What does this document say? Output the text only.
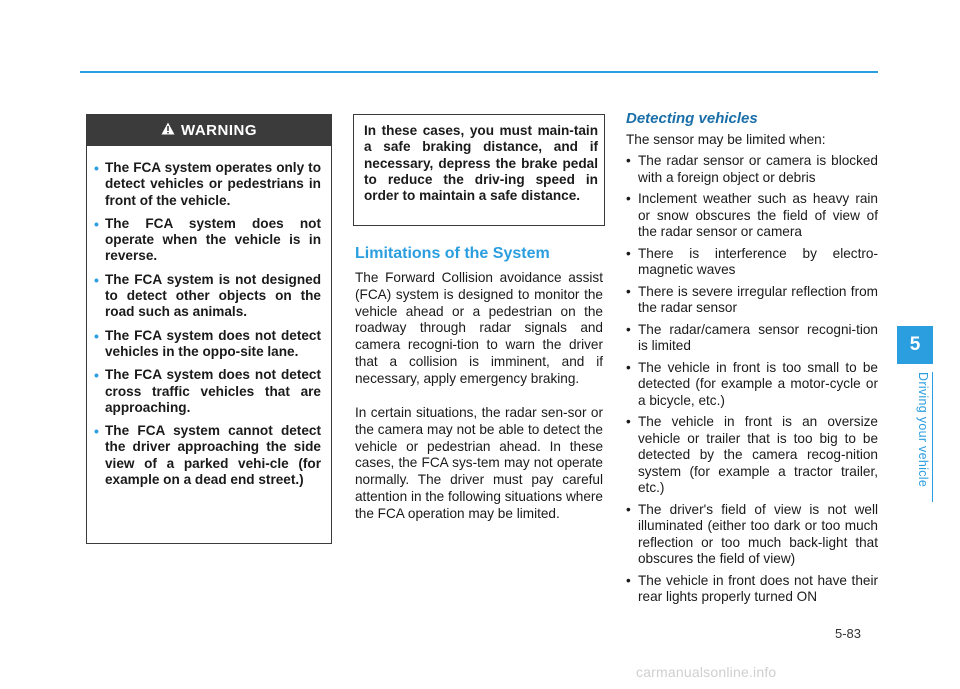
WARNING
• The FCA system operates only to detect vehicles or pedestrians in front of the vehicle.
• The FCA system does not operate when the vehicle is in reverse.
• The FCA system is not designed to detect other objects on the road such as animals.
• The FCA system does not detect vehicles in the oppo-site lane.
• The FCA system does not detect cross traffic vehicles that are approaching.
• The FCA system cannot detect the driver approaching the side view of a parked vehi-cle (for example on a dead end street.)

In these cases, you must main-tain a safe braking distance, and if necessary, depress the brake pedal to reduce the driv-ing speed in order to maintain a safe distance.

Limitations of the System

The Forward Collision avoidance assist (FCA) system is designed to monitor the vehicle ahead or a pedestrian on the roadway through radar signals and camera recogni-tion to warn the driver that a collision is imminent, and if necessary, apply emergency braking.

In certain situations, the radar sen-sor or the camera may not be able to detect the vehicle or pedestrian ahead. In these cases, the FCA sys-tem may not operate normally. The driver must pay careful attention in the following situations where the FCA operation may be limited.

Detecting vehicles

The sensor may be limited when:

• The radar sensor or camera is blocked with a foreign object or debris
• Inclement weather such as heavy rain or snow obscures the field of view of the radar sensor or camera
• There is interference by electro-magnetic waves
• There is severe irregular reflection from the radar sensor
• The radar/camera sensor recogni-tion is limited
• The vehicle in front is too small to be detected (for example a motor-cycle or a bicycle, etc.)
• The vehicle in front is an oversize vehicle or trailer that is too big to be detected by the camera recog-nition system (for example a tractor trailer, etc.)
• The driver's field of view is not well illuminated (either too dark or too much reflection or too much back-light that obscures the field of view)
• The vehicle in front does not have their rear lights properly turned ON
5
Driving your vehicle
5-83
carmanualsonline.info
